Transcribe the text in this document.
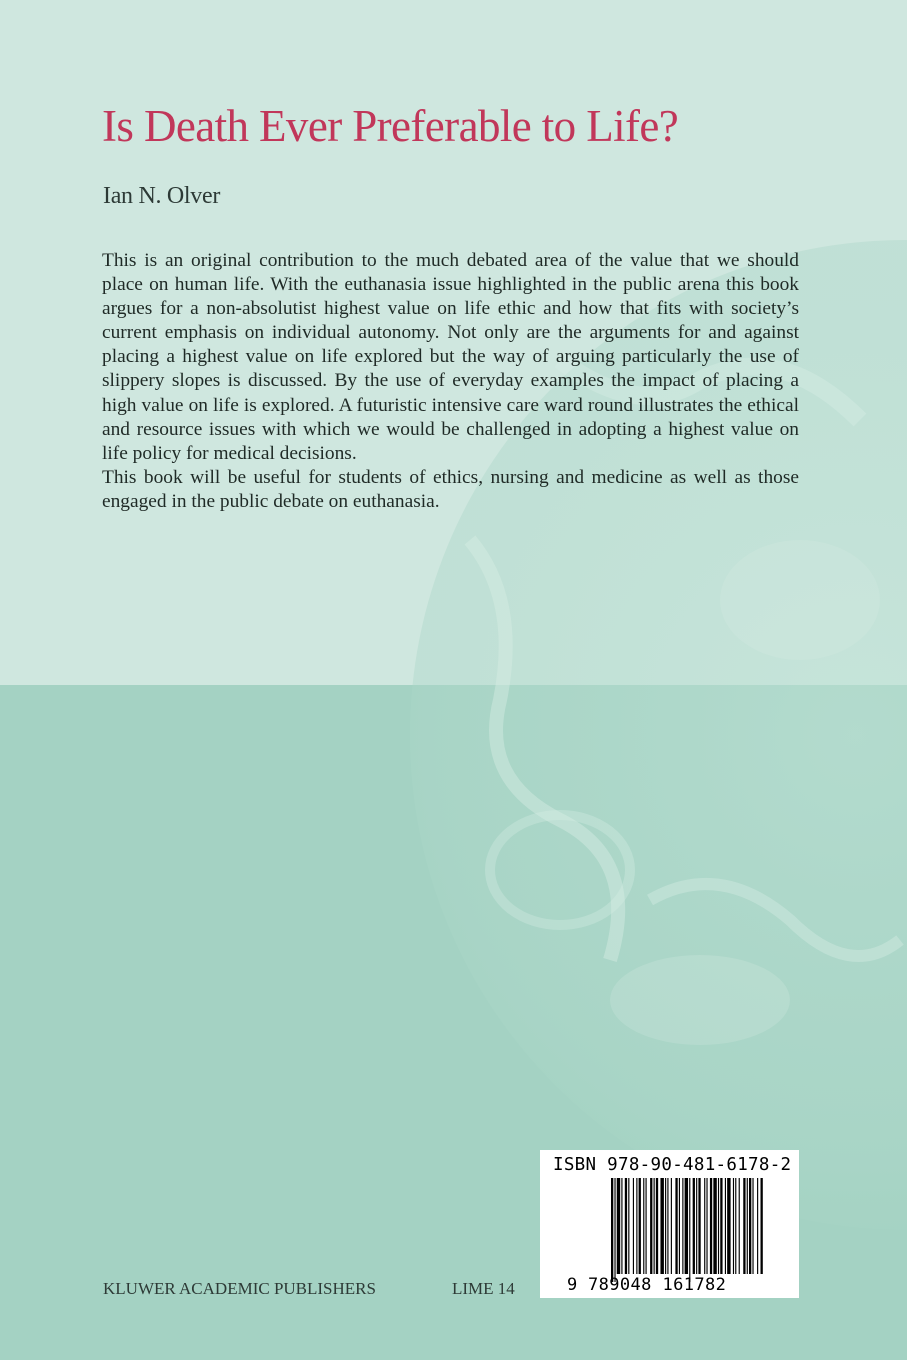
Is Death Ever Preferable to Life?
Ian N. Olver

This is an original contribution to the much debated area of the value that we should place on human life. With the euthanasia issue highlighted in the public arena this book argues for a non-absolutist highest value on life ethic and how that fits with society’s current emphasis on individual autonomy. Not only are the arguments for and against placing a highest value on life explored but the way of arguing particularly the use of slippery slopes is discussed. By the use of everyday examples the impact of placing a high value on life is explored. A futuristic intensive care ward round illustrates the ethical and resource issues with which we would be challenged in adopting a highest value on life policy for medical decisions.

This book will be useful for students of ethics, nursing and medicine as well as those engaged in the public debate on euthanasia.

KLUWER ACADEMIC PUBLISHERS	LIME 14
ISBN 978-90-481-6178-2
9 789048 161782
